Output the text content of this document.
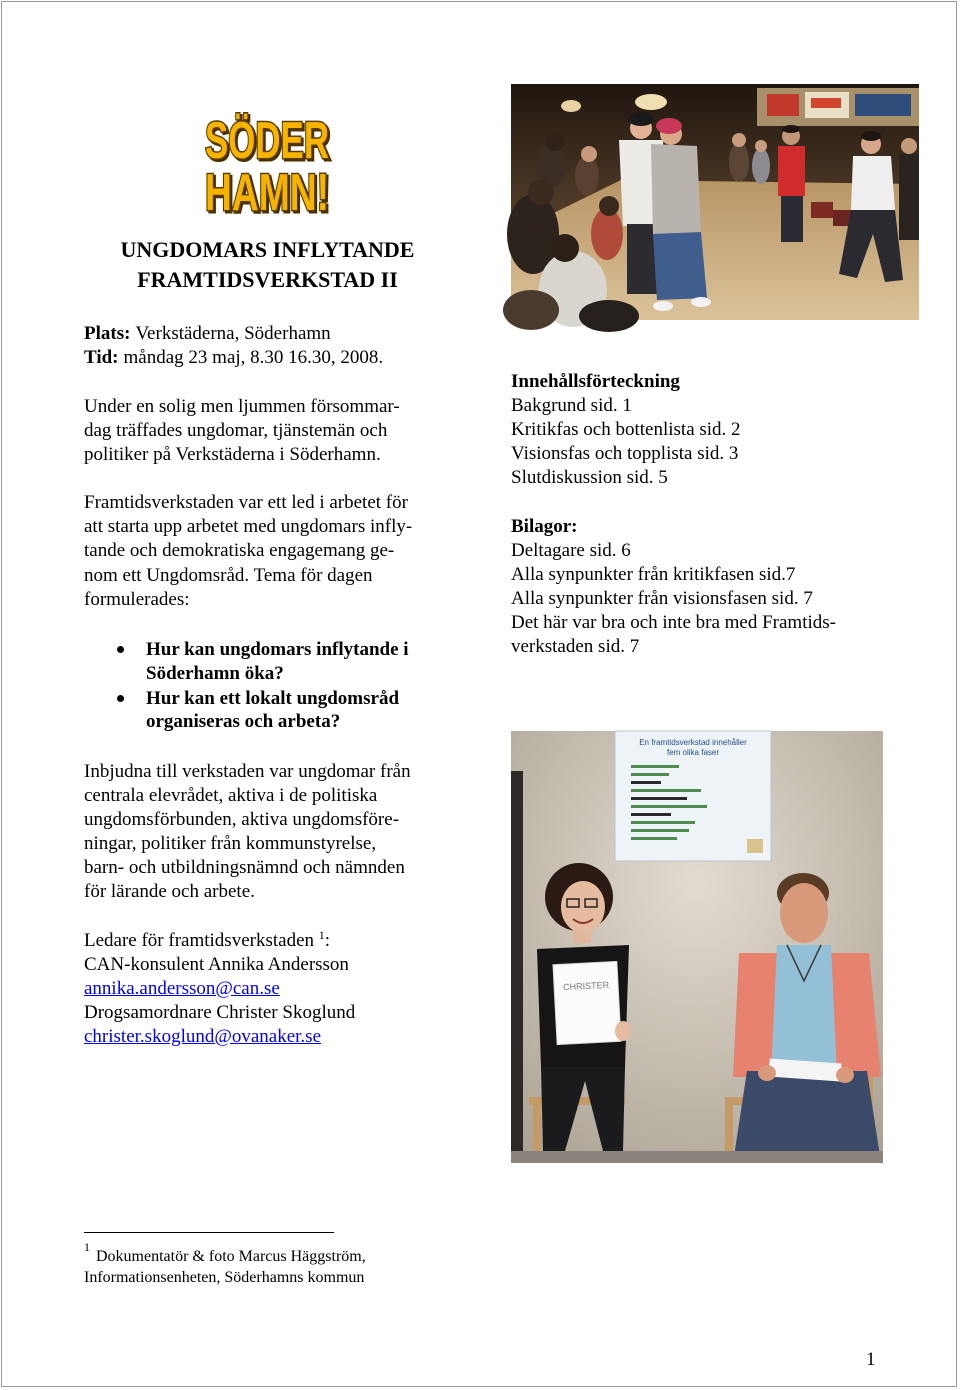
SÖDER
HAMN!
UNGDOMARS INFLYTANDE
FRAMTIDSVERKSTAD II
Plats: Verkstäderna, Söderhamn
Tid: måndag 23 maj, 8.30 16.30, 2008.
Under en solig men ljummen försommar-
dag träffades ungdomar, tjänstemän och
politiker på Verkstäderna i Söderhamn.
Framtidsverkstaden var ett led i arbetet för
att starta upp arbetet med ungdomars infly-
tande och demokratiska engagemang ge-
nom ett Ungdomsråd. Tema för dagen
formulerades:
Hur kan ungdomars inflytande i
Söderhamn öka?
Hur kan ett lokalt ungdomsråd
organiseras och arbeta?
Inbjudna till verkstaden var ungdomar från
centrala elevrådet, aktiva i de politiska
ungdomsförbunden, aktiva ungdomsföre-
ningar, politiker från kommunstyrelse,
barn- och utbildningsnämnd och nämnden
för lärande och arbete.
Ledare för framtidsverkstaden $^1$:
CAN-konsulent Annika Andersson
annika.andersson@can.se
Drogsamordnare Christer Skoglund
christer.skoglund@ovanaker.se
1
Dokumentatör & foto Marcus Häggström,
Informationsenheten, Söderhamns kommun
1
Innehållsförteckning
Bakgrund sid. 1
Kritikfas och bottenlista sid. 2
Visionsfas och topplista sid. 3
Slutdiskussion sid. 5
Bilagor:
Deltagare sid. 6
Alla synpunkter från kritikfasen sid.7
Alla synpunkter från visionsfasen sid. 7
Det här var bra och inte bra med Framtids-
verkstaden sid. 7
En framtidsverkstad innehåller
fem olika faser
CHRISTER
